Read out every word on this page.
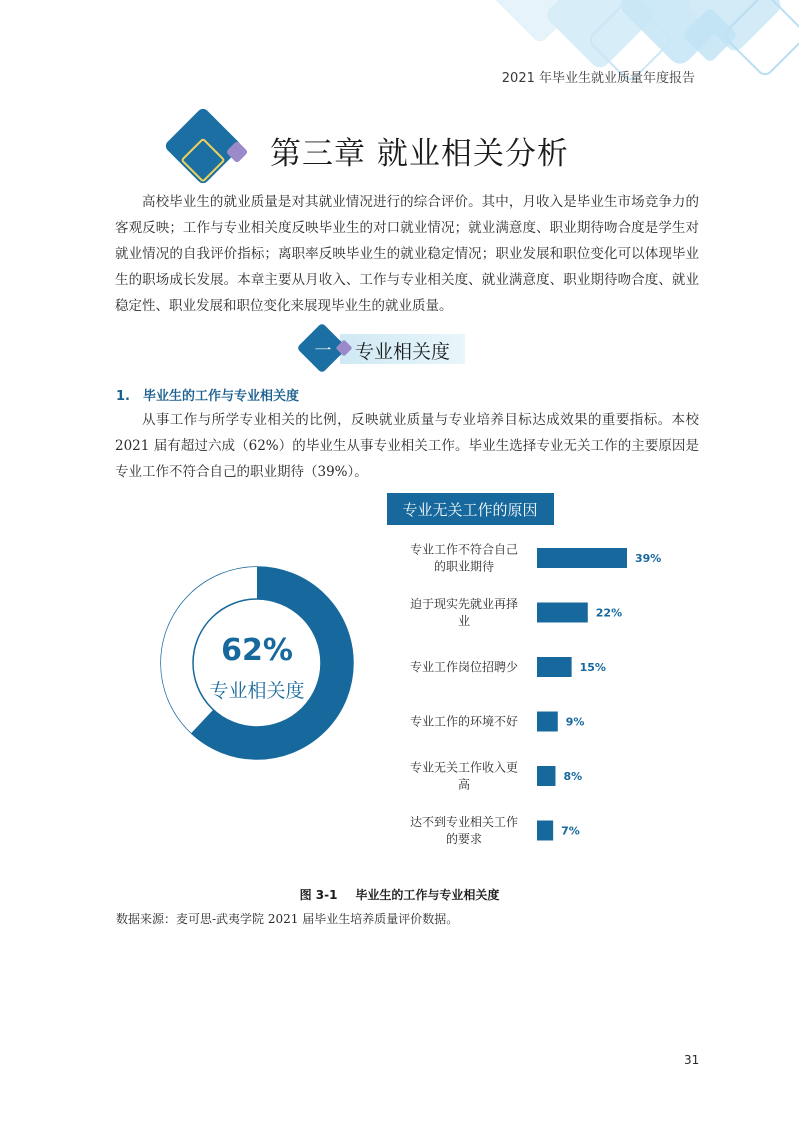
2021 年毕业生就业质量年度报告
第三章 就业相关分析

高校毕业生的就业质量是对其就业情况进行的综合评价。其中，月收入是毕业生市场竞争力的客观反映；工作与专业相关度反映毕业生的对口就业情况；就业满意度、职业期待吻合度是学生对就业情况的自我评价指标；离职率反映毕业生的就业稳定情况；职业发展和职位变化可以体现毕业生的职场成长发展。本章主要从月收入、工作与专业相关度、就业满意度、职业期待吻合度、就业稳定性、职业发展和职位变化来展现毕业生的就业质量。

一 专业相关度
1. 毕业生的工作与专业相关度

从事工作与所学专业相关的比例，反映就业质量与专业培养目标达成效果的重要指标。本校 2021 届有超过六成（62%）的毕业生从事专业相关工作。毕业生选择专业无关工作的主要原因是专业工作不符合自己的职业期待（39%）。

62%
专业相关度
专业无关工作的原因
39%
专业工作不符合自己
的职业期待
22%
迫于现实先就业再择
业
15%
专业工作岗位招聘少
9%
专业工作的环境不好
8%
专业无关工作收入更
高
7%
达不到专业相关工作
的要求
图 3-1 毕业生的工作与专业相关度
数据来源：麦可思-武夷学院 2021 届毕业生培养质量评价数据。
31
